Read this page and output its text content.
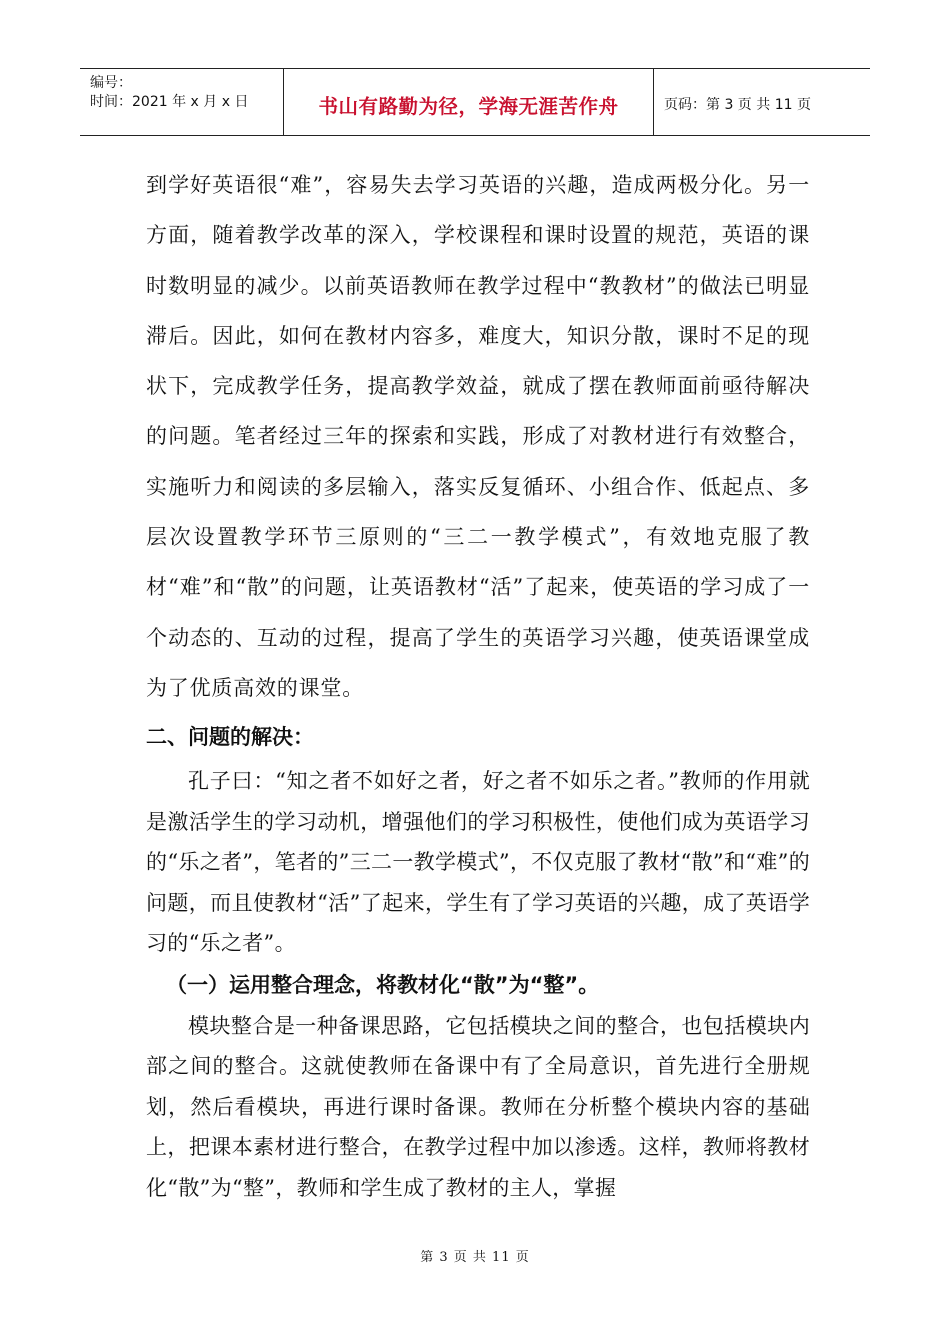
编号：
时间：2021 年 x 月 x 日	书山有路勤为径，学海无涯苦作舟	页码：第 3 页 共 11 页

到学好英语很“难”，容易失去学习英语的兴趣，造成两极分化。另一方面，随着教学改革的深入，学校课程和课时设置的规范，英语的课时数明显的减少。以前英语教师在教学过程中“教教材”的做法已明显滞后。因此，如何在教材内容多，难度大，知识分散，课时不足的现状下，完成教学任务，提高教学效益，就成了摆在教师面前亟待解决的问题。笔者经过三年的探索和实践，形成了对教材进行有效整合，实施听力和阅读的多层输入，落实反复循环、小组合作、低起点、多层次设置教学环节三原则的“三二一教学模式”，有效地克服了教材“难”和“散”的问题，让英语教材“活”了起来，使英语的学习成了一个动态的、互动的过程，提高了学生的英语学习兴趣，使英语课堂成为了优质高效的课堂。

二、问题的解决：

孔子曰：“知之者不如好之者，好之者不如乐之者。”教师的作用就是激活学生的学习动机，增强他们的学习积极性，使他们成为英语学习的“乐之者”，笔者的”三二一教学模式”，不仅克服了教材“散”和“难”的问题，而且使教材“活”了起来，学生有了学习英语的兴趣，成了英语学习的“乐之者”。

（一）运用整合理念，将教材化“散”为“整”。

模块整合是一种备课思路，它包括模块之间的整合，也包括模块内部之间的整合。这就使教师在备课中有了全局意识，首先进行全册规划，然后看模块，再进行课时备课。教师在分析整个模块内容的基础上，把课本素材进行整合，在教学过程中加以渗透。这样，教师将教材化“散”为“整”，教师和学生成了教材的主人，掌握

第 3 页 共 11 页
